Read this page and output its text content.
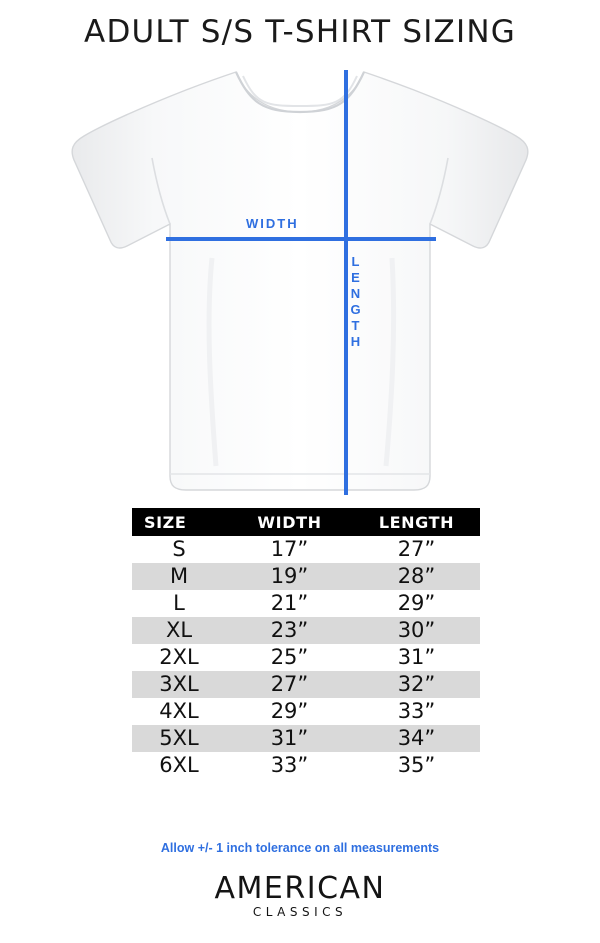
ADULT S/S T-SHIRT SIZING
WIDTH
LENGTH
SIZE	WIDTH	LENGTH
S	17”	27”
M	19”	28”
L	21”	29”
XL	23”	30”
2XL	25”	31”
3XL	27”	32”
4XL	29”	33”
5XL	31”	34”
6XL	33”	35”
Allow +/- 1 inch tolerance on all measurements
AMERICAN
CLASSICS
